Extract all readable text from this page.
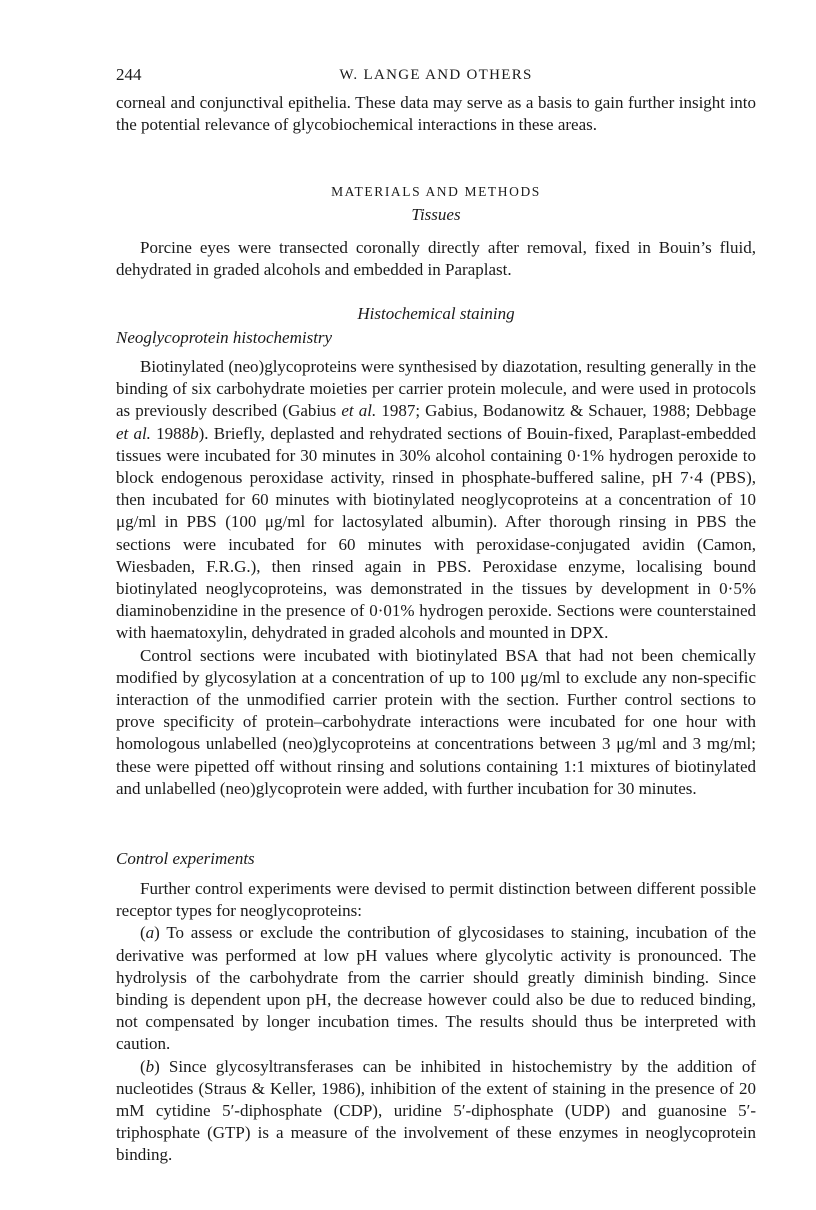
244	W. LANGE AND OTHERS

corneal and conjunctival epithelia. These data may serve as a basis to gain further insight into the potential relevance of glycobiochemical interactions in these areas.

MATERIALS AND METHODS
Tissues

Porcine eyes were transected coronally directly after removal, fixed in Bouin’s fluid, dehydrated in graded alcohols and embedded in Paraplast.

Histochemical staining
Neoglycoprotein histochemistry

Biotinylated (neo)glycoproteins were synthesised by diazotation, resulting generally in the binding of six carbohydrate moieties per carrier protein molecule, and were used in protocols as previously described (Gabius et al. 1987; Gabius, Bodanowitz & Schauer, 1988; Debbage et al. 1988b). Briefly, deplasted and rehydrated sections of Bouin-fixed, Paraplast-embedded tissues were incubated for 30 minutes in 30% alcohol containing 0·1% hydrogen peroxide to block endogenous peroxidase activity, rinsed in phosphate-buffered saline, pH 7·4 (PBS), then incubated for 60 minutes with biotinylated neoglycoproteins at a concentration of 10 μg/ml in PBS (100 μg/ml for lactosylated albumin). After thorough rinsing in PBS the sections were incubated for 60 minutes with peroxidase-conjugated avidin (Camon, Wiesbaden, F.R.G.), then rinsed again in PBS. Peroxidase enzyme, localising bound biotinylated neoglycoproteins, was demonstrated in the tissues by development in 0·5% diaminobenzidine in the presence of 0·01% hydrogen peroxide. Sections were counterstained with haematoxylin, dehydrated in graded alcohols and mounted in DPX.

Control sections were incubated with biotinylated BSA that had not been chemically modified by glycosylation at a concentration of up to 100 μg/ml to exclude any non-specific interaction of the unmodified carrier protein with the section. Further control sections to prove specificity of protein–carbohydrate interactions were incubated for one hour with homologous unlabelled (neo)glycoproteins at concentrations between 3 μg/ml and 3 mg/ml; these were pipetted off without rinsing and solutions containing 1:1 mixtures of biotinylated and unlabelled (neo)glycoprotein were added, with further incubation for 30 minutes.

Control experiments

Further control experiments were devised to permit distinction between different possible receptor types for neoglycoproteins:

(a) To assess or exclude the contribution of glycosidases to staining, incubation of the derivative was performed at low pH values where glycolytic activity is pronounced. The hydrolysis of the carbohydrate from the carrier should greatly diminish binding. Since binding is dependent upon pH, the decrease however could also be due to reduced binding, not compensated by longer incubation times. The results should thus be interpreted with caution.

(b) Since glycosyltransferases can be inhibited in histochemistry by the addition of nucleotides (Straus & Keller, 1986), inhibition of the extent of staining in the presence of 20 mM cytidine 5′-diphosphate (CDP), uridine 5′-diphosphate (UDP) and guanosine 5′-triphosphate (GTP) is a measure of the involvement of these enzymes in neoglycoprotein binding.
